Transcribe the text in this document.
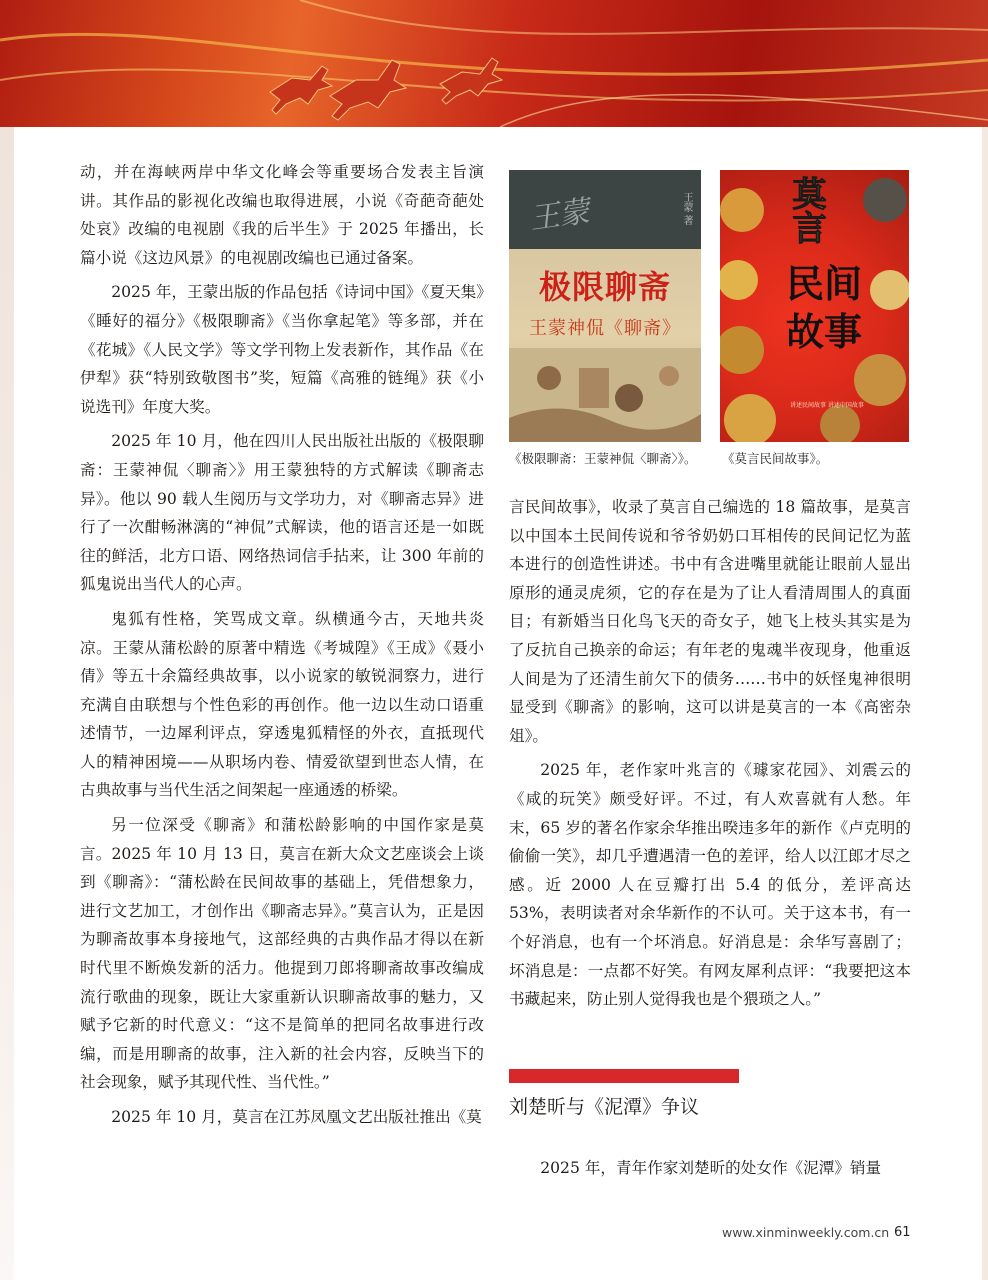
动，并在海峡两岸中华文化峰会等重要场合发表主旨演讲。其作品的影视化改编也取得进展，小说《奇葩奇葩处处哀》改编的电视剧《我的后半生》于 2025 年播出，长篇小说《这边风景》的电视剧改编也已通过备案。

2025 年，王蒙出版的作品包括《诗词中国》《夏天集》《睡好的福分》《极限聊斋》《当你拿起笔》等多部，并在《花城》《人民文学》等文学刊物上发表新作，其作品《在伊犁》获“特别致敬图书”奖，短篇《高雅的链绳》获《小说选刊》年度大奖。

2025 年 10 月，他在四川人民出版社出版的《极限聊斋：王蒙神侃〈聊斋〉》用王蒙独特的方式解读《聊斋志异》。他以 90 载人生阅历与文学功力，对《聊斋志异》进行了一次酣畅淋漓的“神侃”式解读，他的语言还是一如既往的鲜活，北方口语、网络热词信手拈来，让 300 年前的狐鬼说出当代人的心声。

鬼狐有性格，笑骂成文章。纵横通今古，天地共炎凉。王蒙从蒲松龄的原著中精选《考城隍》《王成》《聂小倩》等五十余篇经典故事，以小说家的敏锐洞察力，进行充满自由联想与个性色彩的再创作。他一边以生动口语重述情节，一边犀利评点，穿透鬼狐精怪的外衣，直抵现代人的精神困境——从职场内卷、情爱欲望到世态人情，在古典故事与当代生活之间架起一座通透的桥梁。

另一位深受《聊斋》和蒲松龄影响的中国作家是莫言。2025 年 10 月 13 日，莫言在新大众文艺座谈会上谈到《聊斋》：“蒲松龄在民间故事的基础上，凭借想象力，进行文艺加工，才创作出《聊斋志异》。”莫言认为，正是因为聊斋故事本身接地气，这部经典的古典作品才得以在新时代里不断焕发新的活力。他提到刀郎将聊斋故事改编成流行歌曲的现象，既让大家重新认识聊斋故事的魅力，又赋予它新的时代意义：“这不是简单的把同名故事进行改编，而是用聊斋的故事，注入新的社会内容，反映当下的社会现象，赋予其现代性、当代性。”

2025 年 10 月，莫言在江苏凤凰文艺出版社推出《莫

王蒙	王蒙 著
极限聊斋
王蒙神侃《聊斋》
莫言
民间故事
讲述民间故事 讲述中国故事
《极限聊斋：王蒙神侃〈聊斋〉》。	《莫言民间故事》。

言民间故事》，收录了莫言自己编选的 18 篇故事，是莫言以中国本土民间传说和爷爷奶奶口耳相传的民间记忆为蓝本进行的创造性讲述。书中有含进嘴里就能让眼前人显出原形的通灵虎须，它的存在是为了让人看清周围人的真面目；有新婚当日化鸟飞天的奇女子，她飞上枝头其实是为了反抗自己换亲的命运；有年老的鬼魂半夜现身，他重返人间是为了还清生前欠下的债务……书中的妖怪鬼神很明显受到《聊斋》的影响，这可以讲是莫言的一本《高密杂俎》。

2025 年，老作家叶兆言的《璩家花园》、刘震云的《咸的玩笑》颇受好评。不过，有人欢喜就有人愁。年末，65 岁的著名作家余华推出暌违多年的新作《卢克明的偷偷一笑》，却几乎遭遇清一色的差评，给人以江郎才尽之感。近 2000 人在豆瓣打出 5.4 的低分，差评高达 53%，表明读者对余华新作的不认可。关于这本书，有一个好消息，也有一个坏消息。好消息是：余华写喜剧了；坏消息是：一点都不好笑。有网友犀利点评：“我要把这本书藏起来，防止别人觉得我也是个猥琐之人。”

刘楚昕与《泥潭》争议

2025 年，青年作家刘楚昕的处女作《泥潭》销量

www.xinminweekly.com.cn 61
